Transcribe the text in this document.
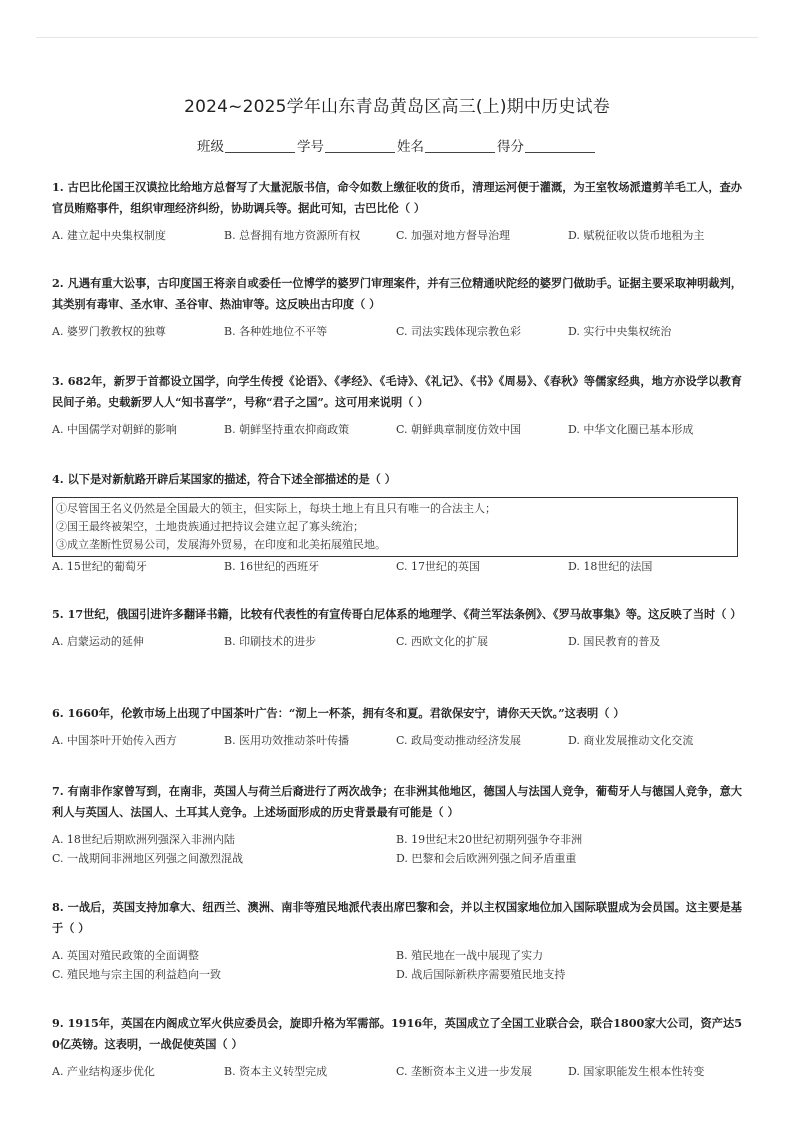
2024~2025学年山东青岛黄岛区高三(上)期中历史试卷
班级	学号	姓名	得分
1. 古巴比伦国王汉谟拉比给地方总督写了大量泥版书信，命令如数上缴征收的货币，清理运河便于灌溉，为王室牧场派遣剪羊毛工人，查办官员贿赂事件，组织审理经济纠纷，协助调兵等。据此可知，古巴比伦（ ）
A. 建立起中央集权制度	B. 总督拥有地方资源所有权	C. 加强对地方督导治理	D. 赋税征收以货币地租为主
2. 凡遇有重大讼事，古印度国王将亲自或委任一位博学的婆罗门审理案件，并有三位精通吠陀经的婆罗门做助手。证据主要采取神明裁判，其类别有毒审、圣水审、圣谷审、热油审等。这反映出古印度（ ）
A. 婆罗门教教权的独尊	B. 各种姓地位不平等	C. 司法实践体现宗教色彩	D. 实行中央集权统治
3. 682年，新罗于首都设立国学，向学生传授《论语》、《孝经》、《毛诗》、《礼记》、《书》《周易》、《春秋》等儒家经典，地方亦设学以教育民间子弟。史载新罗人人“知书喜学”，号称“君子之国”。这可用来说明（ ）
A. 中国儒学对朝鲜的影响	B. 朝鲜坚持重农抑商政策	C. 朝鲜典章制度仿效中国	D. 中华文化圈已基本形成
4. 以下是对新航路开辟后某国家的描述，符合下述全部描述的是（ ）
①尽管国王名义仍然是全国最大的领主，但实际上，每块土地上有且只有唯一的合法主人；
②国王最终被架空，土地贵族通过把持议会建立起了寡头统治；
③成立垄断性贸易公司，发展海外贸易，在印度和北美拓展殖民地。
A. 15世纪的葡萄牙	B. 16世纪的西班牙	C. 17世纪的英国	D. 18世纪的法国
5. 17世纪，俄国引进许多翻译书籍，比较有代表性的有宣传哥白尼体系的地理学、《荷兰军法条例》、《罗马故事集》等。这反映了当时（ ）
A. 启蒙运动的延伸	B. 印刷技术的进步	C. 西欧文化的扩展	D. 国民教育的普及
6. 1660年，伦敦市场上出现了中国茶叶广告：“沏上一杯茶，拥有冬和夏。君欲保安宁，请你天天饮。”这表明（ ）
A. 中国茶叶开始传入西方	B. 医用功效推动茶叶传播	C. 政局变动推动经济发展	D. 商业发展推动文化交流
7. 有南非作家曾写到，在南非，英国人与荷兰后裔进行了两次战争；在非洲其他地区，德国人与法国人竞争，葡萄牙人与德国人竞争，意大利人与英国人、法国人、土耳其人竞争。上述场面形成的历史背景最有可能是（ ）
A. 18世纪后期欧洲列强深入非洲内陆	B. 19世纪末20世纪初期列强争夺非洲
C. 一战期间非洲地区列强之间激烈混战	D. 巴黎和会后欧洲列强之间矛盾重重
8. 一战后，英国支持加拿大、纽西兰、澳洲、南非等殖民地派代表出席巴黎和会，并以主权国家地位加入国际联盟成为会员国。这主要是基于（ ）
A. 英国对殖民政策的全面调整	B. 殖民地在一战中展现了实力
C. 殖民地与宗主国的利益趋向一致	D. 战后国际新秩序需要殖民地支持
9. 1915年，英国在内阁成立军火供应委员会，旋即升格为军需部。1916年，英国成立了全国工业联合会，联合1800家大公司，资产达50亿英镑。这表明，一战促使英国（ ）
A. 产业结构逐步优化	B. 资本主义转型完成	C. 垄断资本主义进一步发展	D. 国家职能发生根本性转变
